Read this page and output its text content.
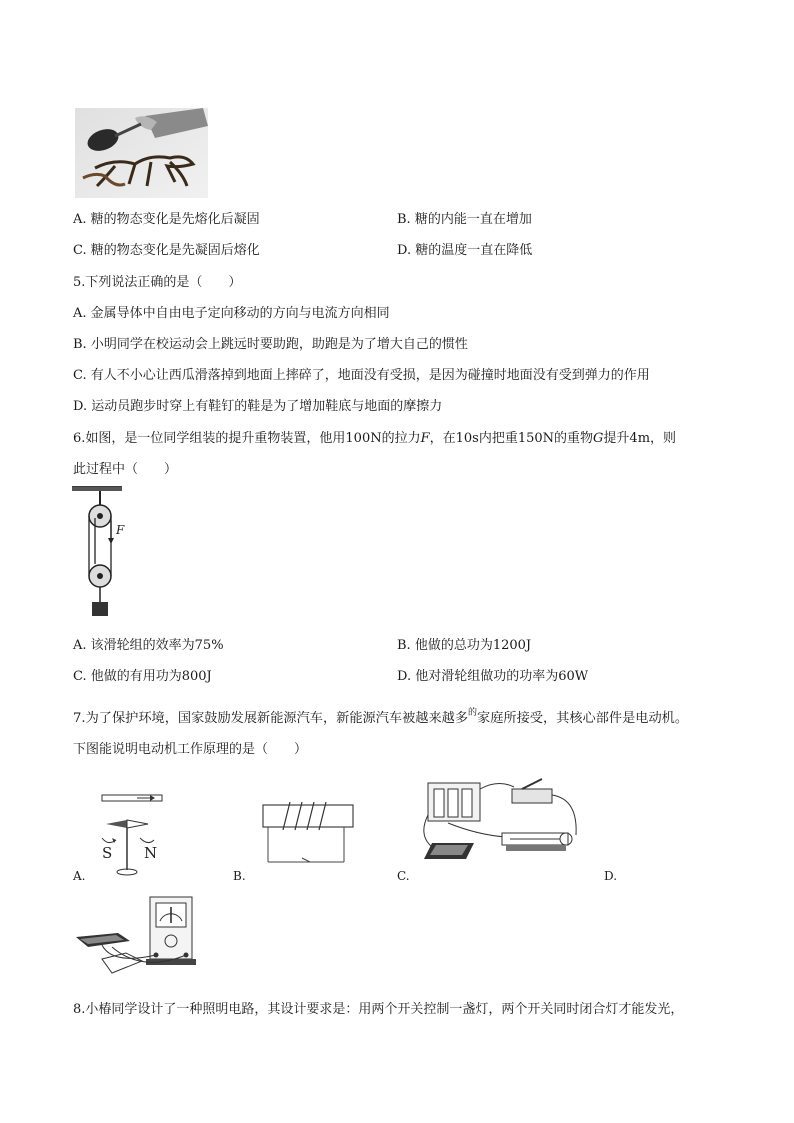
A. 糖的物态变化是先熔化后凝固	B. 糖的内能一直在增加
C. 糖的物态变化是先凝固后熔化	D. 糖的温度一直在降低
5.下列说法正确的是（　　）
A. 金属导体中自由电子定向移动的方向与电流方向相同
B. 小明同学在校运动会上跳远时要助跑，助跑是为了增大自己的惯性
C. 有人不小心让西瓜滑落掉到地面上摔碎了，地面没有受损，是因为碰撞时地面没有受到弹力的作用
D. 运动员跑步时穿上有鞋钉的鞋是为了增加鞋底与地面的摩擦力
6.如图，是一位同学组装的提升重物装置，他用100N的拉力F，在10s内把重150N的重物G提升4m，则
此过程中（　　）
F
A. 该滑轮组的效率为75%	B. 他做的总功为1200J
C. 他做的有用功为800J	D. 他对滑轮组做功的功率为60W
7.为了保护环境，国家鼓励发展新能源汽车，新能源汽车被越来越多$^的$家庭所接受，其核心部件是电动机。
下图能说明电动机工作原理的是（　　）
S N
A.	B.	C.	D.
8.小椿同学设计了一种照明电路，其设计要求是：用两个开关控制一盏灯，两个开关同时闭合灯才能发光，
